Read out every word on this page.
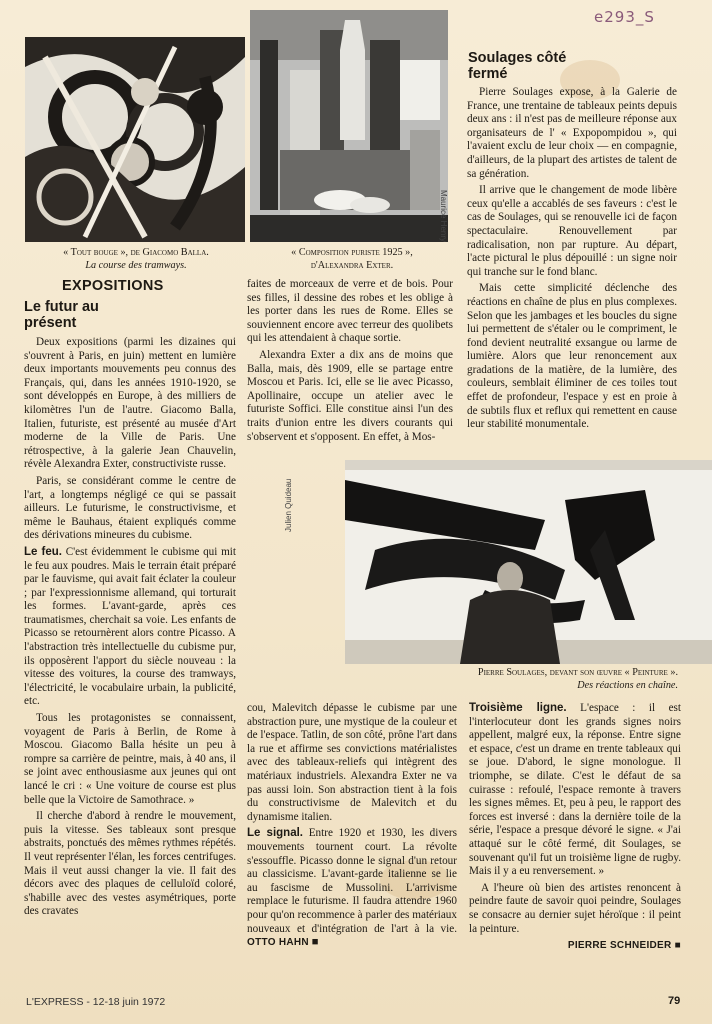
e293_S
Maurice Henry
Julien Quideau
« Tout bouge », de Giacomo Balla.
La course des tramways.
« Composition puriste 1925 »,
d'Alexandra Exter.
Pierre Soulages, devant son œuvre « Peinture ».
Des réactions en chaîne.
EXPOSITIONS
Le futur au présent
Soulages côté fermé

Deux expositions (parmi les dizaines qui s'ouvrent à Paris, en juin) mettent en lumière deux importants mouvements peu connus des Français, qui, dans les années 1910-1920, se sont développés en Europe, à des milliers de kilomètres l'un de l'autre. Giacomo Balla, Italien, futuriste, est présenté au musée d'Art moderne de la Ville de Paris. Une rétrospective, à la galerie Jean Chauvelin, révèle Alexandra Exter, constructiviste russe.

Paris, se considérant comme le centre de l'art, a longtemps négligé ce qui se passait ailleurs. Le futurisme, le constructivisme, et même le Bauhaus, étaient expliqués comme des dérivations mineures du cubisme.

Le feu. C'est évidemment le cubisme qui mit le feu aux poudres. Mais le terrain était préparé par le fauvisme, qui avait fait éclater la couleur ; par l'expressionnisme allemand, qui torturait les formes. L'avant-garde, après ces traumatismes, cherchait sa voie. Les enfants de Picasso se retournèrent alors contre Picasso. A l'abstraction très intellectuelle du cubisme pur, ils opposèrent l'apport du siècle nouveau : la vitesse des voitures, la course des tramways, l'électricité, le vocabulaire urbain, la publicité, etc.

Tous les protagonistes se connaissent, voyagent de Paris à Berlin, de Rome à Moscou. Giacomo Balla hésite un peu à rompre sa carrière de peintre, mais, à 40 ans, il se joint avec enthousiasme aux jeunes qui ont lancé le cri : « Une voiture de course est plus belle que la Victoire de Samothrace. »

Il cherche d'abord à rendre le mouvement, puis la vitesse. Ses tableaux sont presque abstraits, ponctués des mêmes rythmes répétés. Il veut représenter l'élan, les forces centrifuges. Mais il veut aussi changer la vie. Il fait des décors avec des plaques de celluloïd coloré, s'habille avec des vestes asymétriques, porte des cravates

faites de morceaux de verre et de bois. Pour ses filles, il dessine des robes et les oblige à les porter dans les rues de Rome. Elles se souviennent encore avec terreur des quolibets qui les attendaient à chaque sortie.

Alexandra Exter a dix ans de moins que Balla, mais, dès 1909, elle se partage entre Moscou et Paris. Ici, elle se lie avec Picasso, Apollinaire, occupe un atelier avec le futuriste Soffici. Elle constitue ainsi l'un des traits d'union entre les divers courants qui s'observent et s'opposent. En effet, à Mos-

cou, Malevitch dépasse le cubisme par une abstraction pure, une mystique de la couleur et de l'espace. Tatlin, de son côté, prône l'art dans la rue et affirme ses convictions matérialistes avec des tableaux-reliefs qui intègrent des matériaux industriels. Alexandra Exter ne va pas aussi loin. Son abstraction tient à la fois du constructivisme de Malevitch et du dynamisme italien.

Le signal. Entre 1920 et 1930, les divers mouvements tournent court. La révolte s'essouffle. Picasso donne le signal d'un retour au classicisme. L'avant-garde italienne se lie au fascisme de Mussolini. L'arrivisme remplace le futurisme. Il faudra attendre 1960 pour qu'on recommence à parler des matériaux nouveaux et d'intégration de l'art à la vie. OTTO HAHN ■

Pierre Soulages expose, à la Galerie de France, une trentaine de tableaux peints depuis deux ans : il n'est pas de meilleure réponse aux organisateurs de l' « Expopompidou », qui l'avaient exclu de leur choix — en compagnie, d'ailleurs, de la plupart des artistes de talent de sa génération.

Il arrive que le changement de mode libère ceux qu'elle a accablés de ses faveurs : c'est le cas de Soulages, qui se renouvelle ici de façon spectaculaire. Renouvellement par radicalisation, non par rupture. Au départ, l'acte pictural le plus dépouillé : un signe noir qui tranche sur le fond blanc.

Mais cette simplicité déclenche des réactions en chaîne de plus en plus complexes. Selon que les jambages et les boucles du signe lui permettent de s'étaler ou le compriment, le fond devient neutralité exsangue ou larme de lumière. Alors que leur renoncement aux gradations de la matière, de la lumière, des couleurs, semblait éliminer de ces toiles tout effet de profondeur, l'espace y est en proie à de subtils flux et reflux qui remettent en cause leur stabilité monumentale.

Troisième ligne. L'espace : il est l'interlocuteur dont les grands signes noirs appellent, malgré eux, la réponse. Entre signe et espace, c'est un drame en trente tableaux qui se joue. D'abord, le signe monologue. Il triomphe, se dilate. C'est le défaut de sa cuirasse : refoulé, l'espace remonte à travers les signes mêmes. Et, peu à peu, le rapport des forces est inversé : dans la dernière toile de la série, l'espace a presque dévoré le signe. « J'ai attaqué sur le côté fermé, dit Soulages, se souvenant qu'il fut un troisième ligne de rugby. Mais il y a eu renversement. »

A l'heure où bien des artistes renoncent à peindre faute de savoir quoi peindre, Soulages se consacre au dernier sujet héroïque : il peint la peinture.

PIERRE SCHNEIDER ■
L'EXPRESS - 12-18 juin 1972	79
